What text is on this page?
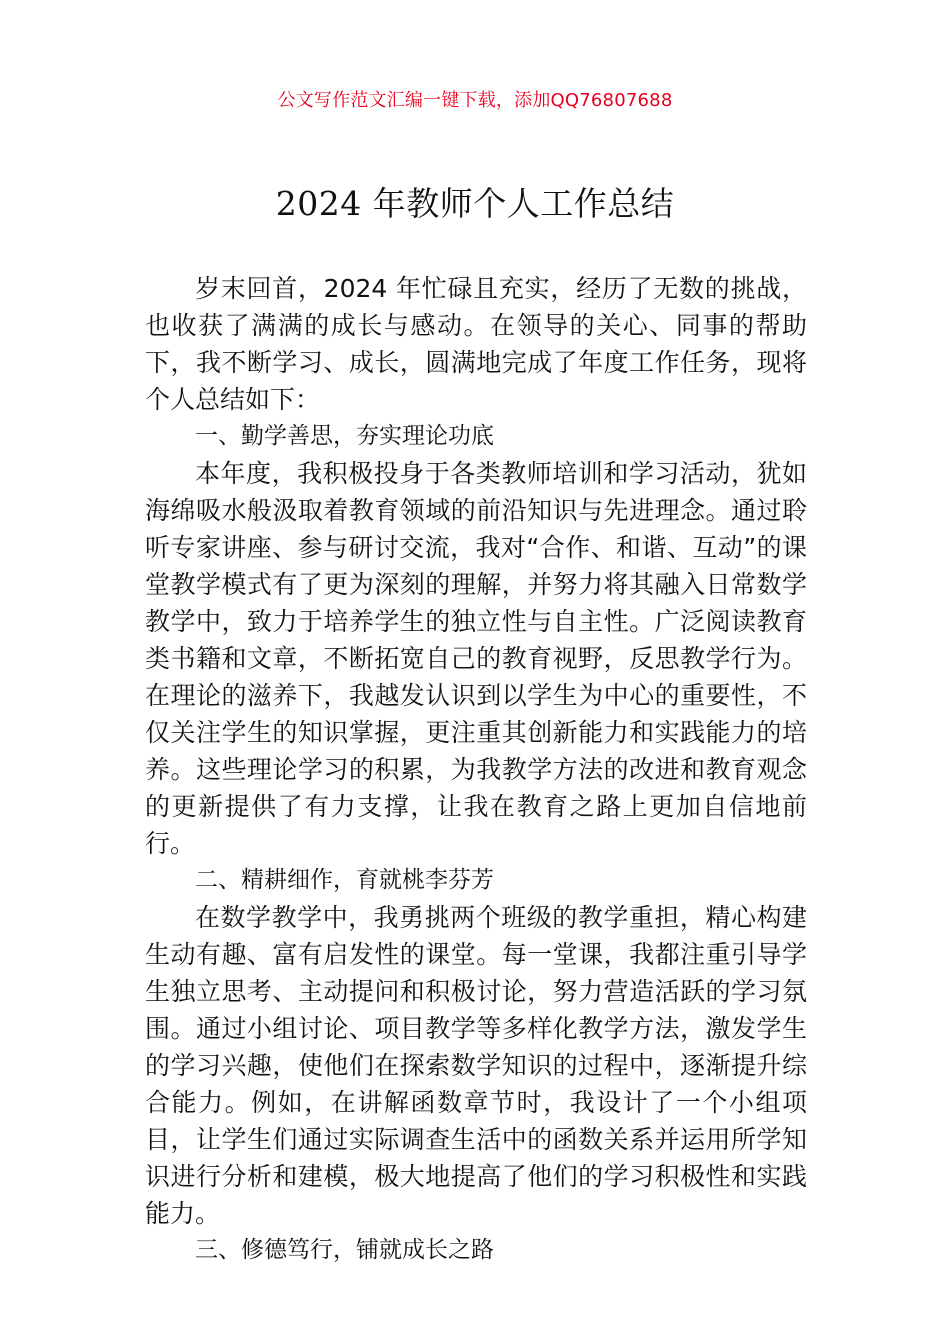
公文写作范文汇编一键下载，添加QQ76807688
2024 年教师个人工作总结

岁末回首，2024 年忙碌且充实，经历了无数的挑战，也收获了满满的成长与感动。在领导的关心、同事的帮助下，我不断学习、成长，圆满地完成了年度工作任务，现将个人总结如下：

一、勤学善思，夯实理论功底

本年度，我积极投身于各类教师培训和学习活动，犹如海绵吸水般汲取着教育领域的前沿知识与先进理念。通过聆听专家讲座、参与研讨交流，我对“合作、和谐、互动”的课堂教学模式有了更为深刻的理解，并努力将其融入日常数学教学中，致力于培养学生的独立性与自主性。广泛阅读教育类书籍和文章，不断拓宽自己的教育视野，反思教学行为。在理论的滋养下，我越发认识到以学生为中心的重要性，不仅关注学生的知识掌握，更注重其创新能力和实践能力的培养。这些理论学习的积累，为我教学方法的改进和教育观念的更新提供了有力支撑，让我在教育之路上更加自信地前行。

二、精耕细作，育就桃李芬芳

在数学教学中，我勇挑两个班级的教学重担，精心构建生动有趣、富有启发性的课堂。每一堂课，我都注重引导学生独立思考、主动提问和积极讨论，努力营造活跃的学习氛围。通过小组讨论、项目教学等多样化教学方法，激发学生的学习兴趣，使他们在探索数学知识的过程中，逐渐提升综合能力。例如，在讲解函数章节时，我设计了一个小组项目，让学生们通过实际调查生活中的函数关系并运用所学知识进行分析和建模，极大地提高了他们的学习积极性和实践能力。

三、修德笃行，铺就成长之路
